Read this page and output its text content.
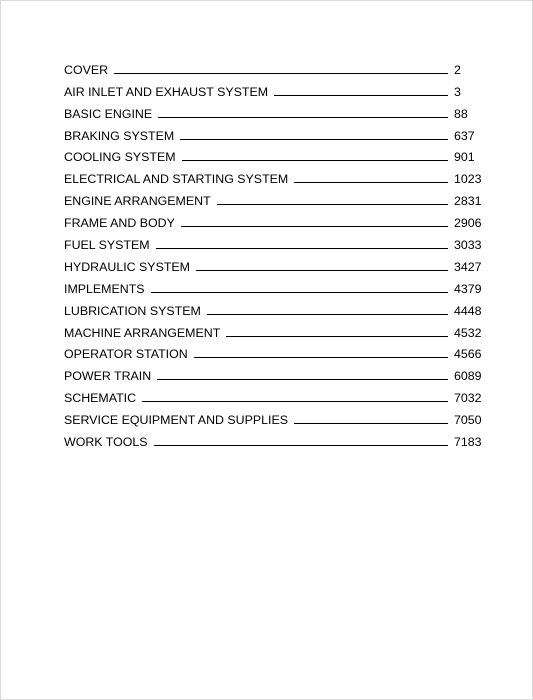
COVER	2
AIR INLET AND EXHAUST SYSTEM	3
BASIC ENGINE	88
BRAKING SYSTEM	637
COOLING SYSTEM	901
ELECTRICAL AND STARTING SYSTEM	1023
ENGINE ARRANGEMENT	2831
FRAME AND BODY	2906
FUEL SYSTEM	3033
HYDRAULIC SYSTEM	3427
IMPLEMENTS	4379
LUBRICATION SYSTEM	4448
MACHINE ARRANGEMENT	4532
OPERATOR STATION	4566
POWER TRAIN	6089
SCHEMATIC	7032
SERVICE EQUIPMENT AND SUPPLIES	7050
WORK TOOLS	7183
